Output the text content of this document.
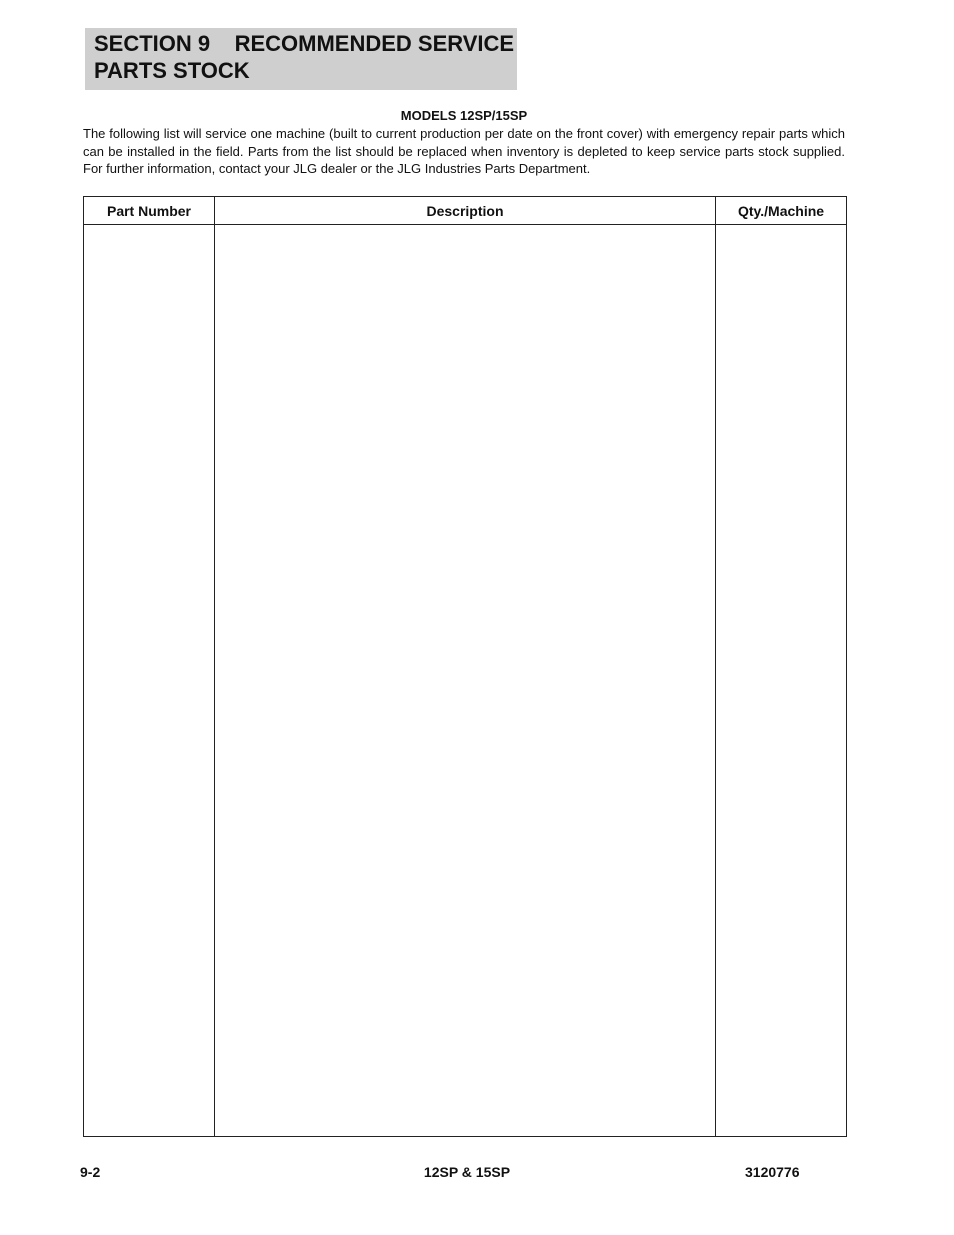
SECTION 9    RECOMMENDED SERVICE
PARTS STOCK
MODELS 12SP/15SP

The following list will service one machine (built to current production per date on the front cover) with emergency repair parts which can be installed in the field. Parts from the list should be replaced when inventory is depleted to keep service parts stock supplied. For further information, contact your JLG dealer or the JLG Industries Parts Department.

Part Number	Description	Qty./Machine

9-2	12SP & 15SP	3120776
